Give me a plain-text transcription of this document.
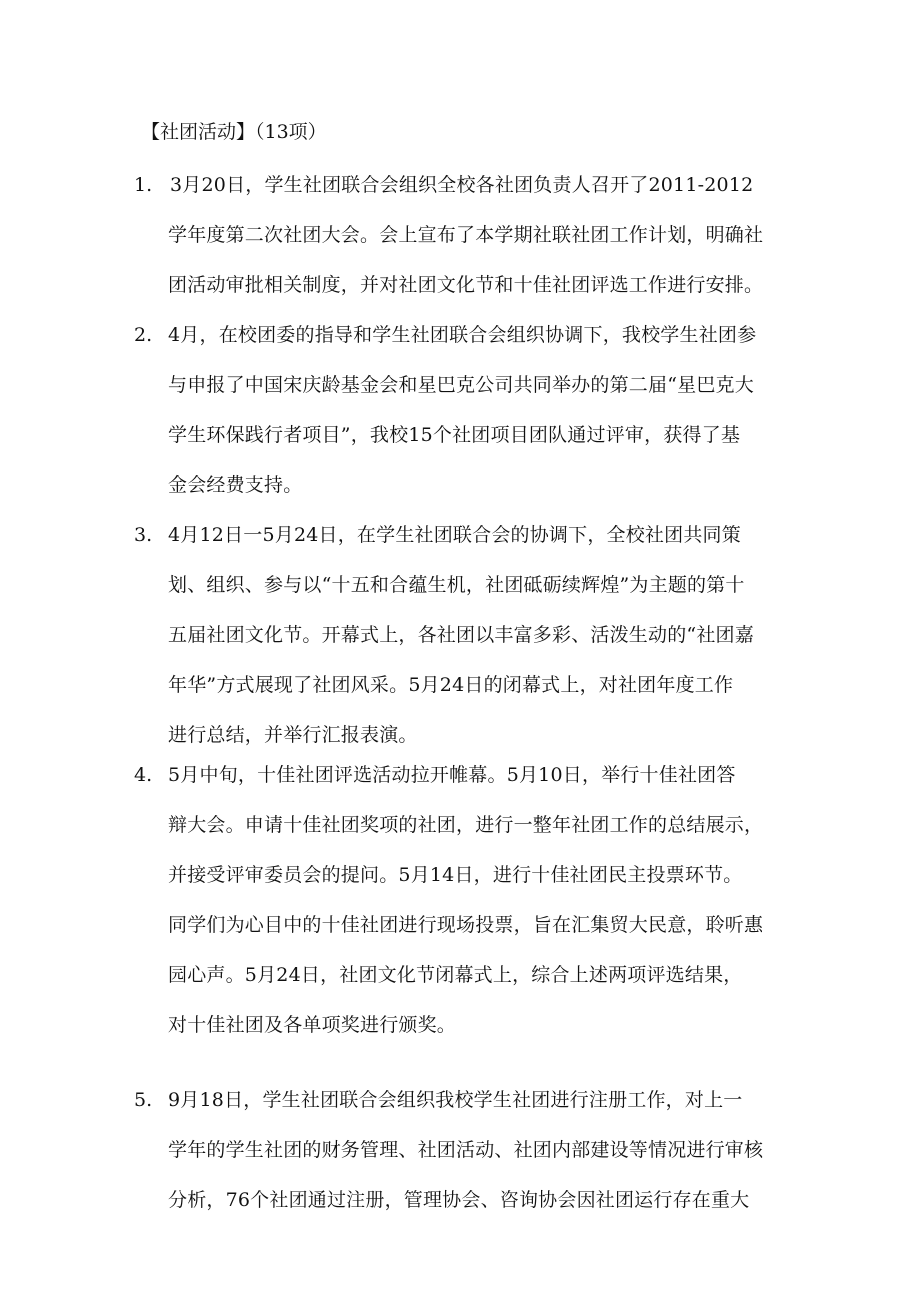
【社团活动】（13项）
1. 3月20日，学生社团联合会组织全校各社团负责人召开了2011-2012
学年度第二次社团大会。会上宣布了本学期社联社团工作计划，明确社
团活动审批相关制度，并对社团文化节和十佳社团评选工作进行安排。
2. 4月，在校团委的指导和学生社团联合会组织协调下，我校学生社团参
与申报了中国宋庆龄基金会和星巴克公司共同举办的第二届“星巴克大
学生环保践行者项目”，我校15个社团项目团队通过评审，获得了基
金会经费支持。
3. 4月12日一5月24日，在学生社团联合会的协调下，全校社团共同策
划、组织、参与以“十五和合蕴生机，社团砥砺续辉煌”为主题的第十
五届社团文化节。开幕式上，各社团以丰富多彩、活泼生动的“社团嘉
年华”方式展现了社团风采。5月24日的闭幕式上，对社团年度工作
进行总结，并举行汇报表演。
4. 5月中旬，十佳社团评选活动拉开帷幕。5月10日，举行十佳社团答
辩大会。申请十佳社团奖项的社团，进行一整年社团工作的总结展示，
并接受评审委员会的提问。5月14日，进行十佳社团民主投票环节。
同学们为心目中的十佳社团进行现场投票，旨在汇集贸大民意，聆听惠
园心声。5月24日，社团文化节闭幕式上，综合上述两项评选结果，
对十佳社团及各单项奖进行颁奖。
5. 9月18日，学生社团联合会组织我校学生社团进行注册工作，对上一
学年的学生社团的财务管理、社团活动、社团内部建设等情况进行审核
分析，76个社团通过注册，管理协会、咨询协会因社团运行存在重大
